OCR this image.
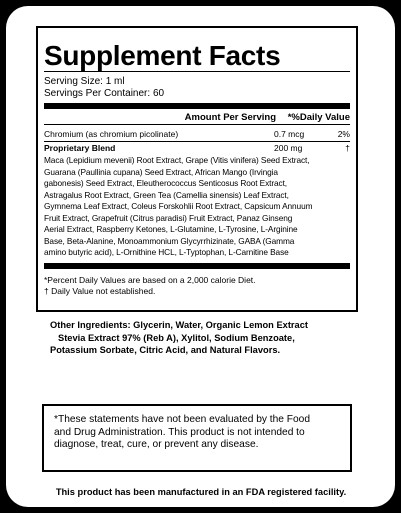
Supplement Facts
Serving Size: 1 ml
Servings Per Container: 60
Amount Per Serving	*%Daily Value
Chromium (as chromium picolinate)	0.7 mcg	2%
Proprietary Blend	200 mg	†
Maca (Lepidium mevenii) Root Extract, Grape (Vitis vinifera) Seed Extract,
Guarana (Paullinia cupana) Seed Extract, African Mango (Irvingia
gabonesis) Seed Extract, Eleutherococcus Senticosus Root Extract,
Astragalus Root Extract, Green Tea (Camellia sinensis) Leaf Extract,
Gymnema Leaf Extract, Coleus Forskohlii Root Extract, Capsicum Annuum
Fruit Extract, Grapefruit (Citrus paradisi) Fruit Extract, Panaz Ginseng
Aerial Extract, Raspberry Ketones, L-Glutamine, L-Tyrosine, L-Arginine
Base, Beta-Alanine, Monoammonium Glycyrrhizinate, GABA (Gamma
amino butyric acid), L-Ornithine HCL, L-Typtophan, L-Carnitine Base
*Percent Daily Values are based on a 2,000 calorie Diet.
† Daily Value not established.
Other Ingredients: Glycerin, Water, Organic Lemon Extract
Stevia Extract 97% (Reb A), Xylitol, Sodium Benzoate,
Potassium Sorbate, Citric Acid, and Natural Flavors.
*These statements have not been evaluated by the Food
and Drug Administration. This product is not intended to
diagnose, treat, cure, or prevent any disease.
This product has been manufactured in an FDA registered facility.
